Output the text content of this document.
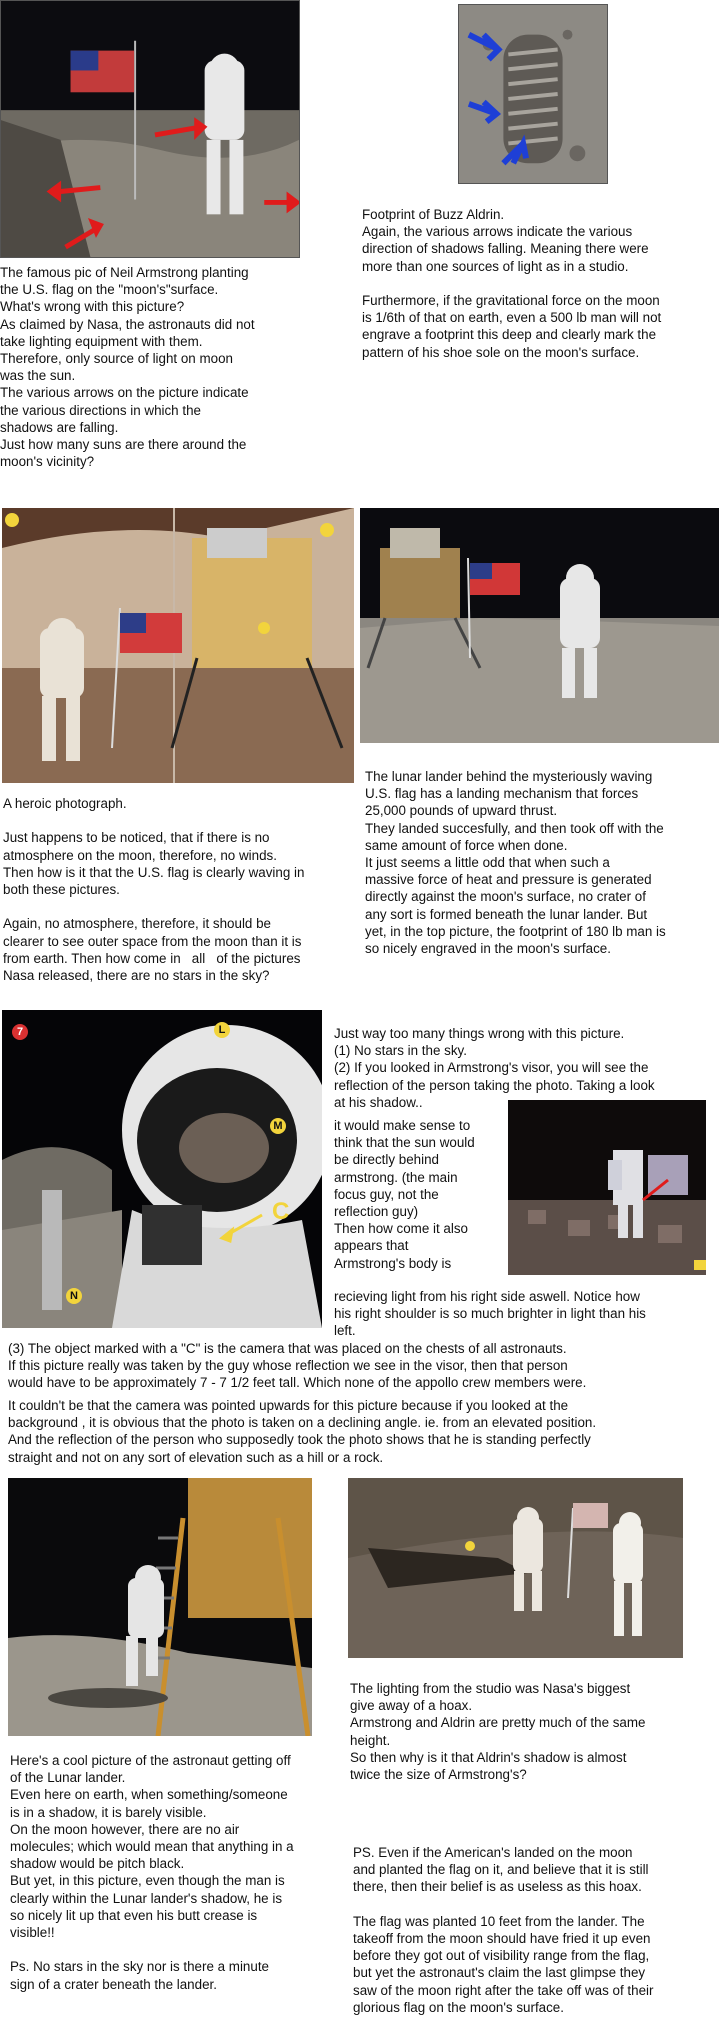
The famous pic of Neil Armstrong planting
the U.S. flag on the "moon's"surface.
What's wrong with this picture?
As claimed by Nasa, the astronauts did not
take lighting equipment with them.
Therefore, only source of light on moon
was the sun.
The various arrows on the picture indicate
the various directions in which the
shadows are falling.
Just how many suns are there around the
moon's vicinity?
Footprint of Buzz Aldrin.
Again, the various arrows indicate the various
direction of shadows falling. Meaning there were
more than one sources of light as in a studio.

Furthermore, if the gravitational force on the moon
is 1/6th of that on earth, even a 500 lb man will not
engrave a footprint this deep and clearly mark the
pattern of his shoe sole on the moon's surface.
A heroic photograph.

Just happens to be noticed, that if there is no
atmosphere on the moon, therefore, no winds.
Then how is it that the U.S. flag is clearly waving in
both these pictures.

Again, no atmosphere, therefore, it should be
clearer to see outer space from the moon than it is
from earth. Then how come in   all   of the pictures
Nasa released, there are no stars in the sky?
The lunar lander behind the mysteriously waving
U.S. flag has a landing mechanism that forces
25,000 pounds of upward thrust.
They landed succesfully, and then took off with the
same amount of force when done.
It just seems a little odd that when such a
massive force of heat and pressure is generated
directly against the moon's surface, no crater of
any sort is formed beneath the lunar lander. But
yet, in the top picture, the footprint of 180 lb man is
so nicely engraved in the moon's surface.
7	L
M
C
N
Just way too many things wrong with this picture.
(1) No stars in the sky.
(2) If you looked in Armstrong's visor, you will see the
reflection of the person taking the photo. Taking a look
at his shadow..
it would make sense to
think that the sun would
be directly behind
armstrong. (the main
focus guy, not the
reflection guy)
Then how come it also
appears that
Armstrong's body is
recieving light from his right side aswell. Notice how
his right shoulder is so much brighter in light than his
left.
(3) The object marked with a "C" is the camera that was placed on the chests of all astronauts.
If this picture really was taken by the guy whose reflection we see in the visor, then that person
would have to be approximately 7 - 7 1/2 feet tall. Which none of the appollo crew members were.
It couldn't be that the camera was pointed upwards for this picture because if you looked at the
background , it is obvious that the photo is taken on a declining angle. ie. from an elevated position.
And the reflection of the person who supposedly took the photo shows that he is standing perfectly
straight and not on any sort of elevation such as a hill or a rock.
The lighting from the studio was Nasa's biggest
give away of a hoax.
Armstrong and Aldrin are pretty much of the same
height.
So then why is it that Aldrin's shadow is almost
twice the size of Armstrong's?
Here's a cool picture of the astronaut getting off
of the Lunar lander.
Even here on earth, when something/someone
is in a shadow, it is barely visible.
On the moon however, there are no air
molecules; which would mean that anything in a
shadow would be pitch black.
But yet, in this picture, even though the man is
clearly within the Lunar lander's shadow, he is
so nicely lit up that even his butt crease is
visible!!

Ps. No stars in the sky nor is there a minute
sign of a crater beneath the lander.
PS. Even if the American's landed on the moon
and planted the flag on it, and believe that it is still
there, then their belief is as useless as this hoax.

The flag was planted 10 feet from the lander. The
takeoff from the moon should have fried it up even
before they got out of visibility range from the flag,
but yet the astronaut's claim the last glimpse they
saw of the moon right after the take off was of their
glorious flag on the moon's surface.
